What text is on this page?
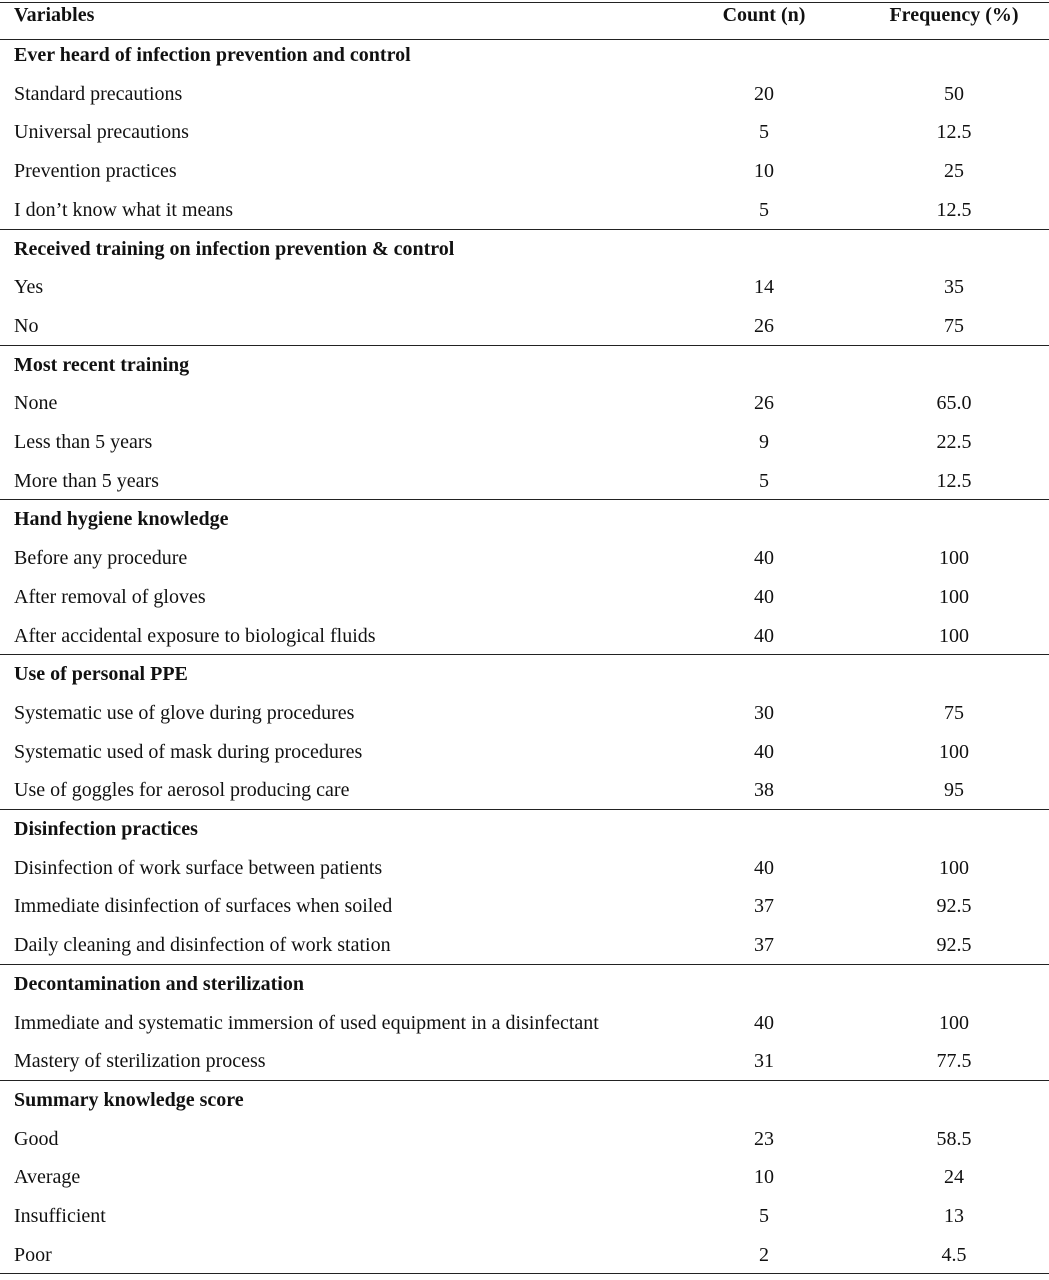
Variables	Count (n)	Frequency (%)
Ever heard of infection prevention and control
Standard precautions	20	50
Universal precautions	5	12.5
Prevention practices	10	25
I don’t know what it means	5	12.5
Received training on infection prevention & control
Yes	14	35
No	26	75
Most recent training
None	26	65.0
Less than 5 years	9	22.5
More than 5 years	5	12.5
Hand hygiene knowledge
Before any procedure	40	100
After removal of gloves	40	100
After accidental exposure to biological fluids	40	100
Use of personal PPE
Systematic use of glove during procedures	30	75
Systematic used of mask during procedures	40	100
Use of goggles for aerosol producing care	38	95
Disinfection practices
Disinfection of work surface between patients	40	100
Immediate disinfection of surfaces when soiled	37	92.5
Daily cleaning and disinfection of work station	37	92.5
Decontamination and sterilization
Immediate and systematic immersion of used equipment in a disinfectant	40	100
Mastery of sterilization process	31	77.5
Summary knowledge score
Good	23	58.5
Average	10	24
Insufficient	5	13
Poor	2	4.5
